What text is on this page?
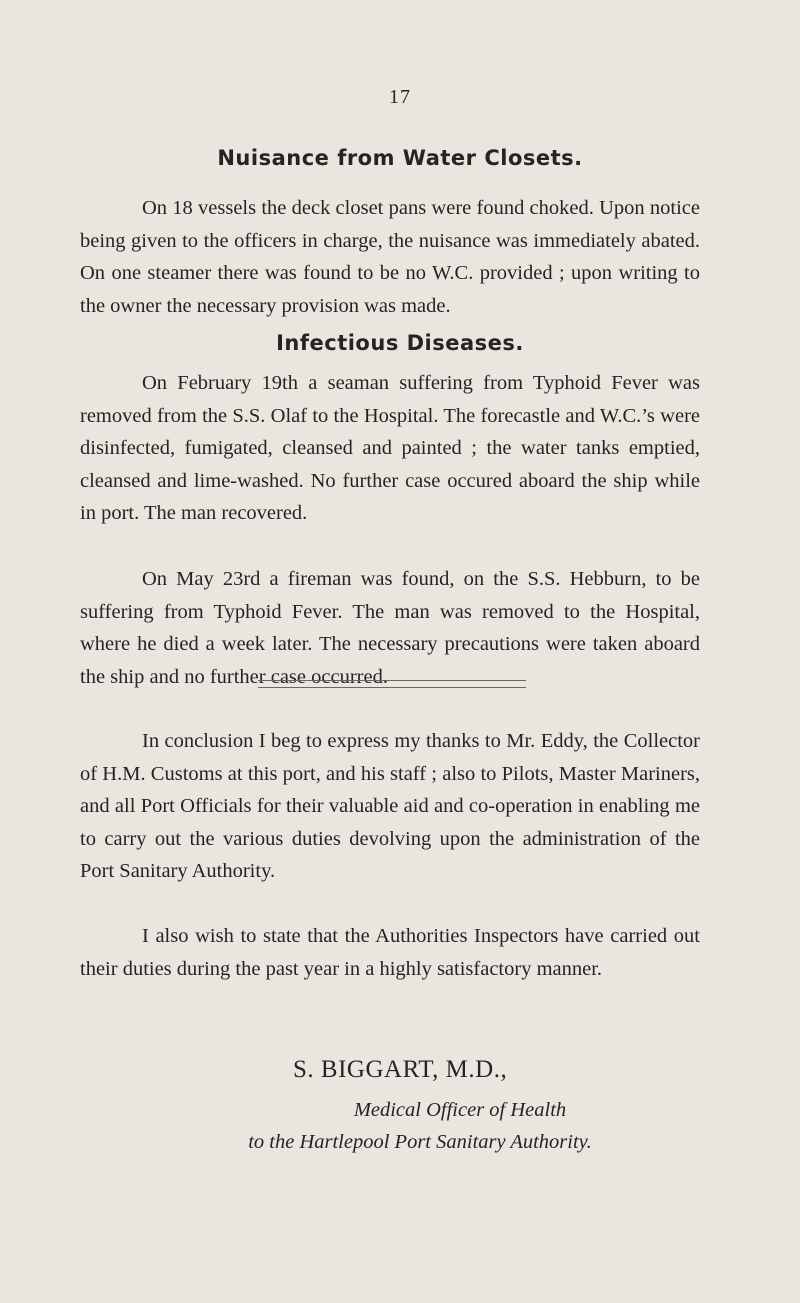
17
Nuisance from Water Closets.

On 18 vessels the deck closet pans were found choked. Upon notice being given to the officers in charge, the nuisance was immediately abated. On one steamer there was found to be no W.C. provided ; upon writing to the owner the necessary provision was made.

Infectious Diseases.

On February 19th a seaman suffering from Typhoid Fever was removed from the S.S. Olaf to the Hospital. The forecastle and W.C.’s were disinfected, fumigated, cleansed and painted ; the water tanks emptied, cleansed and lime-washed. No further case occured aboard the ship while in port. The man recovered.

On May 23rd a fireman was found, on the S.S. Hebburn, to be suffering from Typhoid Fever. The man was removed to the Hospital, where he died a week later. The necessary precautions were taken aboard the ship and no further case occurred.

In conclusion I beg to express my thanks to Mr. Eddy, the Collector of H.M. Customs at this port, and his staff ; also to Pilots, Master Mariners, and all Port Officials for their valuable aid and co-operation in enabling me to carry out the various duties devolving upon the administration of the Port Sanitary Authority.

I also wish to state that the Authorities Inspectors have carried out their duties during the past year in a highly satisfactory manner.

S. BIGGART, M.D.,
Medical Officer of Health
to the Hartlepool Port Sanitary Authority.
